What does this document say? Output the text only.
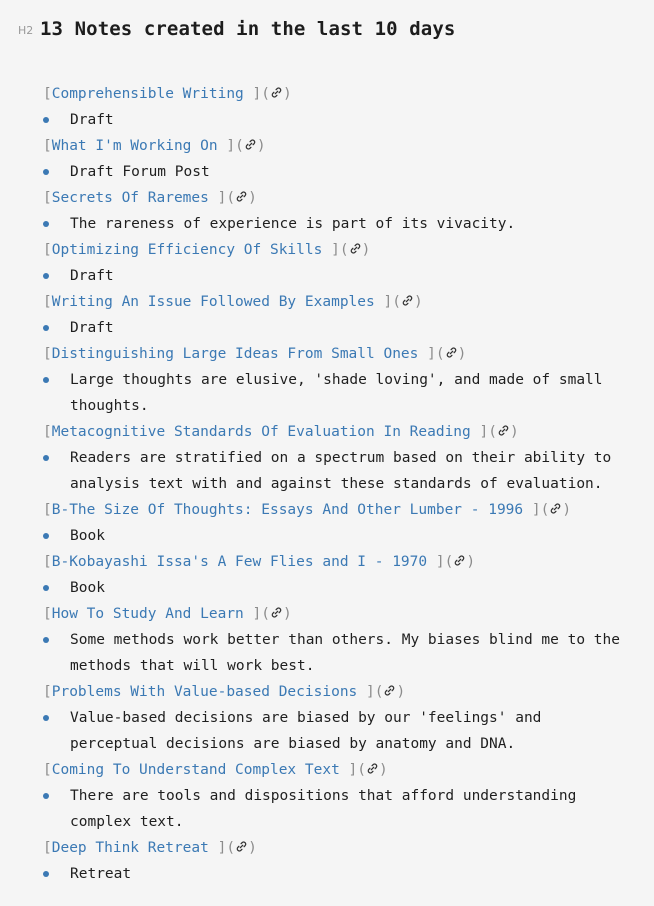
H2 13 Notes created in the last 10 days
[Comprehensible Writing ]( )
Draft
[What I'm Working On ]( )
Draft Forum Post
[Secrets Of Raremes ]( )
The rareness of experience is part of its vivacity.
[Optimizing Efficiency Of Skills ]( )
Draft
[Writing An Issue Followed By Examples ]( )
Draft
[Distinguishing Large Ideas From Small Ones ]( )
Large thoughts are elusive, 'shade loving', and made of small thoughts.
[Metacognitive Standards Of Evaluation In Reading ]( )
Readers are stratified on a spectrum based on their ability to analysis text with and against these standards of evaluation.
[B-The Size Of Thoughts: Essays And Other Lumber - 1996 ]( )
Book
[B-Kobayashi Issa's A Few Flies and I - 1970 ]( )
Book
[How To Study And Learn ]( )
Some methods work better than others. My biases blind me to the methods that will work best.
[Problems With Value-based Decisions ]( )
Value-based decisions are biased by our 'feelings' and perceptual decisions are biased by anatomy and DNA.
[Coming To Understand Complex Text ]( )
There are tools and dispositions that afford understanding complex text.
[Deep Think Retreat ]( )
Retreat
